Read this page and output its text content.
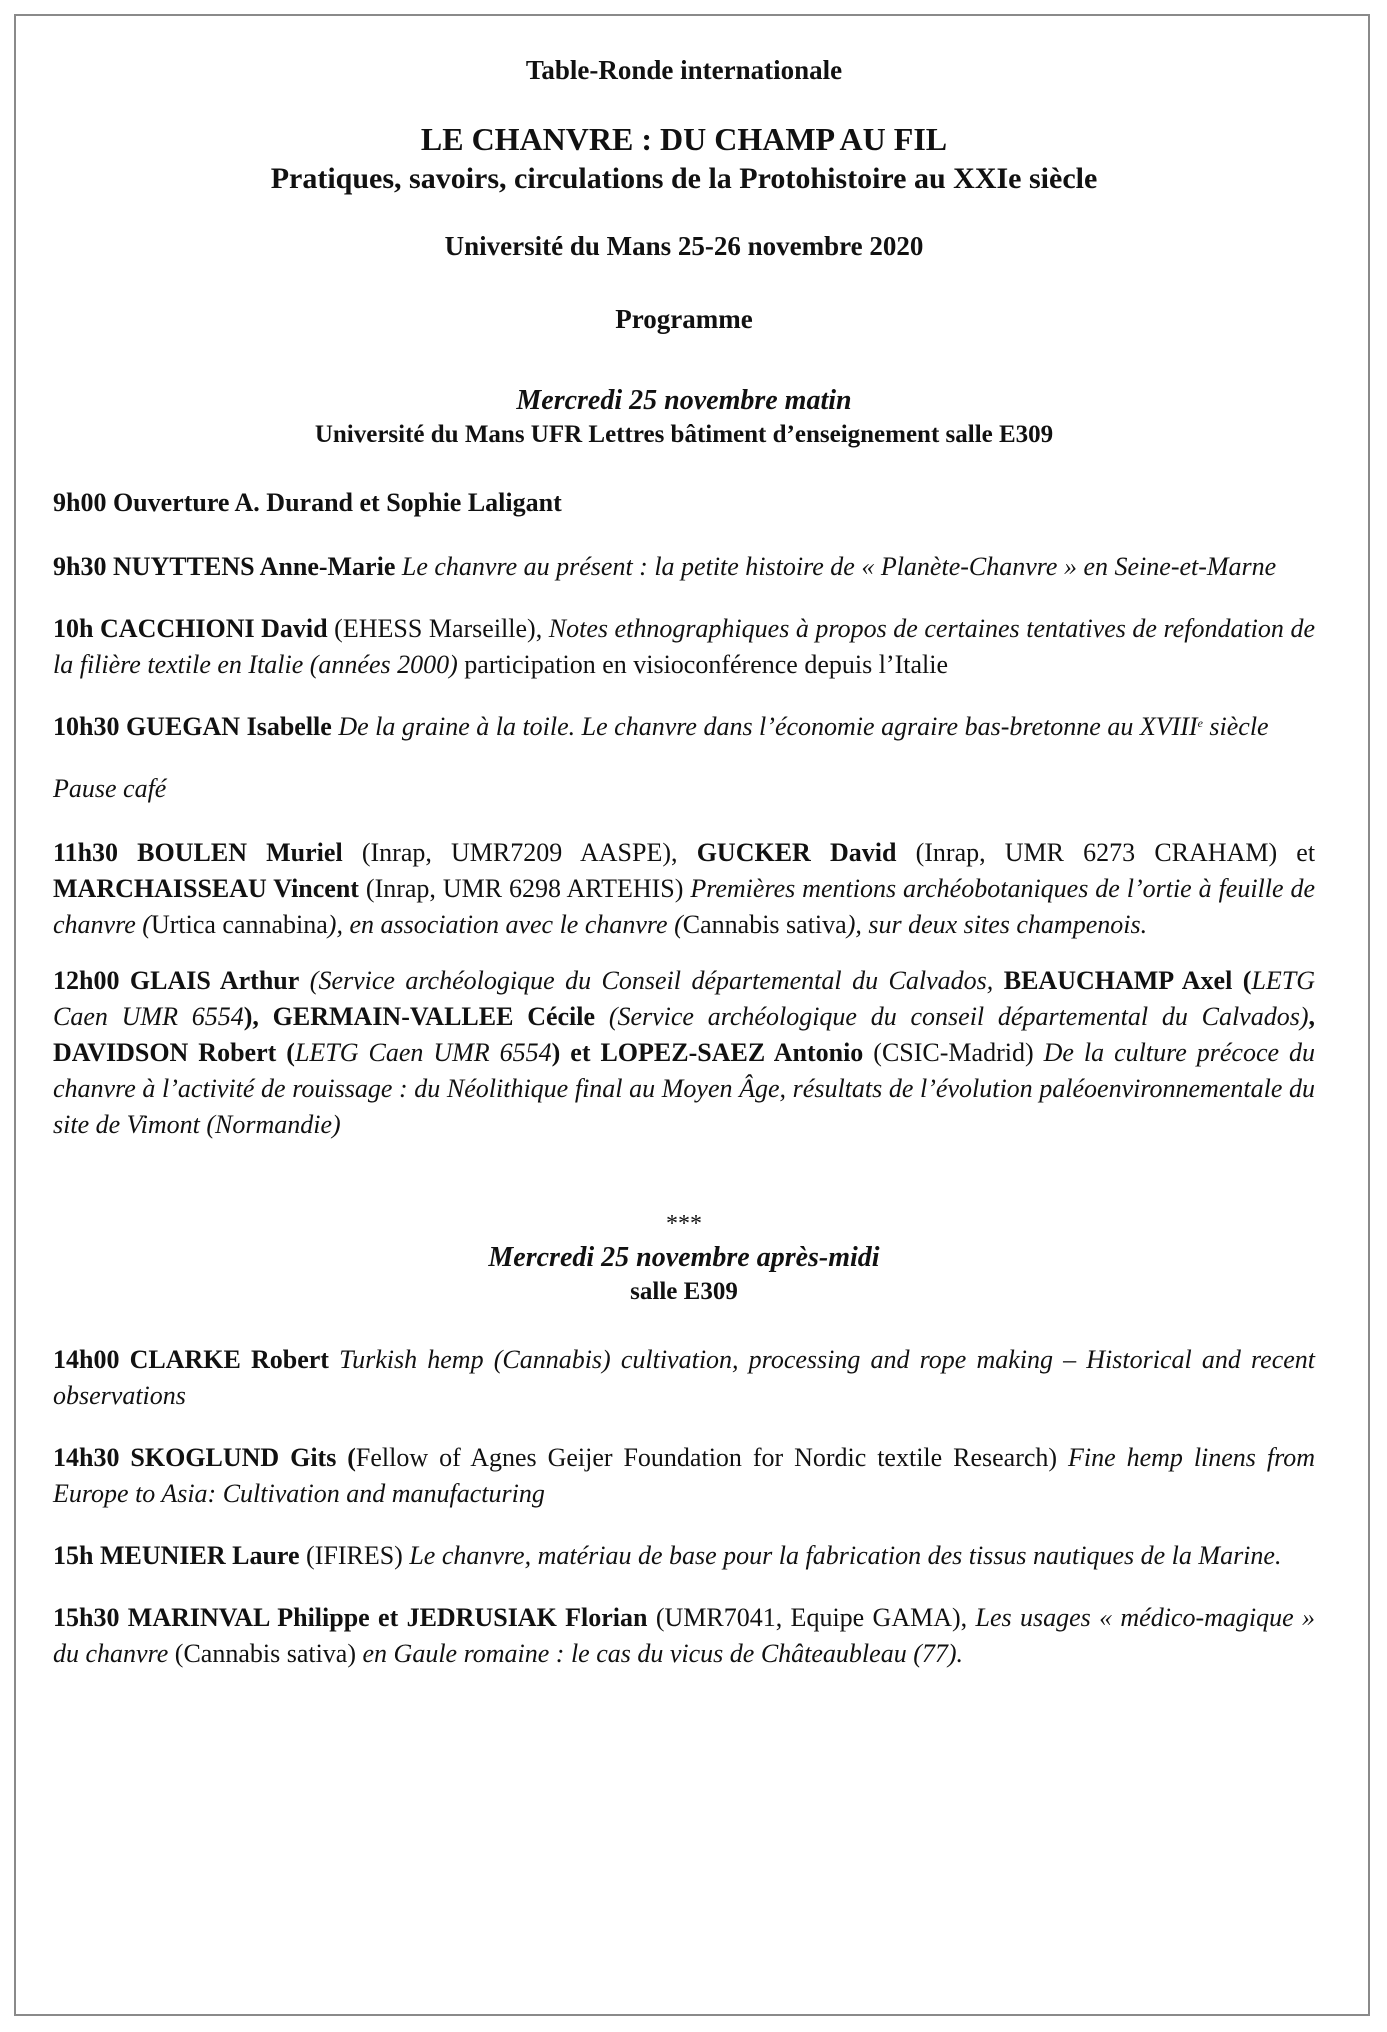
Table-Ronde internationale
LE CHANVRE : DU CHAMP AU FIL
Pratiques, savoirs, circulations de la Protohistoire au XXIe siècle
Université du Mans 25-26 novembre 2020
Programme
Mercredi 25 novembre matin
Université du Mans UFR Lettres bâtiment d’enseignement salle E309

9h00 Ouverture A. Durand et Sophie Laligant

9h30 NUYTTENS Anne-Marie Le chanvre au présent : la petite histoire de « Planète-Chanvre » en Seine-et-Marne

10h CACCHIONI David (EHESS Marseille), Notes ethnographiques à propos de certaines tentatives de refondation de la filière textile en Italie (années 2000) participation en visioconférence depuis l’Italie

10h30 GUEGAN Isabelle De la graine à la toile. Le chanvre dans l’économie agraire bas-bretonne au XVIIIe siècle

Pause café

11h30 BOULEN Muriel (Inrap, UMR7209 AASPE), GUCKER David (Inrap, UMR 6273 CRAHAM) et MARCHAISSEAU Vincent (Inrap, UMR 6298 ARTEHIS) Premières mentions archéobotaniques de l’ortie à feuille de chanvre (Urtica cannabina), en association avec le chanvre (Cannabis sativa), sur deux sites champenois.

12h00 GLAIS Arthur (Service archéologique du Conseil départemental du Calvados, BEAUCHAMP Axel (LETG Caen UMR 6554), GERMAIN-VALLEE Cécile (Service archéologique du conseil départemental du Calvados), DAVIDSON Robert (LETG Caen UMR 6554) et LOPEZ-SAEZ Antonio (CSIC-Madrid) De la culture précoce du chanvre à l’activité de rouissage : du Néolithique final au Moyen Âge, résultats de l’évolution paléoenvironnementale du site de Vimont (Normandie)

***
Mercredi 25 novembre après-midi
salle E309

14h00 CLARKE Robert Turkish hemp (Cannabis) cultivation, processing and rope making – Historical and recent observations

14h30 SKOGLUND Gits (Fellow of Agnes Geijer Foundation for Nordic textile Research) Fine hemp linens from Europe to Asia: Cultivation and manufacturing

15h MEUNIER Laure (IFIRES) Le chanvre, matériau de base pour la fabrication des tissus nautiques de la Marine.

15h30 MARINVAL Philippe et JEDRUSIAK Florian (UMR7041, Equipe GAMA), Les usages « médico-magique » du chanvre (Cannabis sativa) en Gaule romaine : le cas du vicus de Châteaubleau (77).
